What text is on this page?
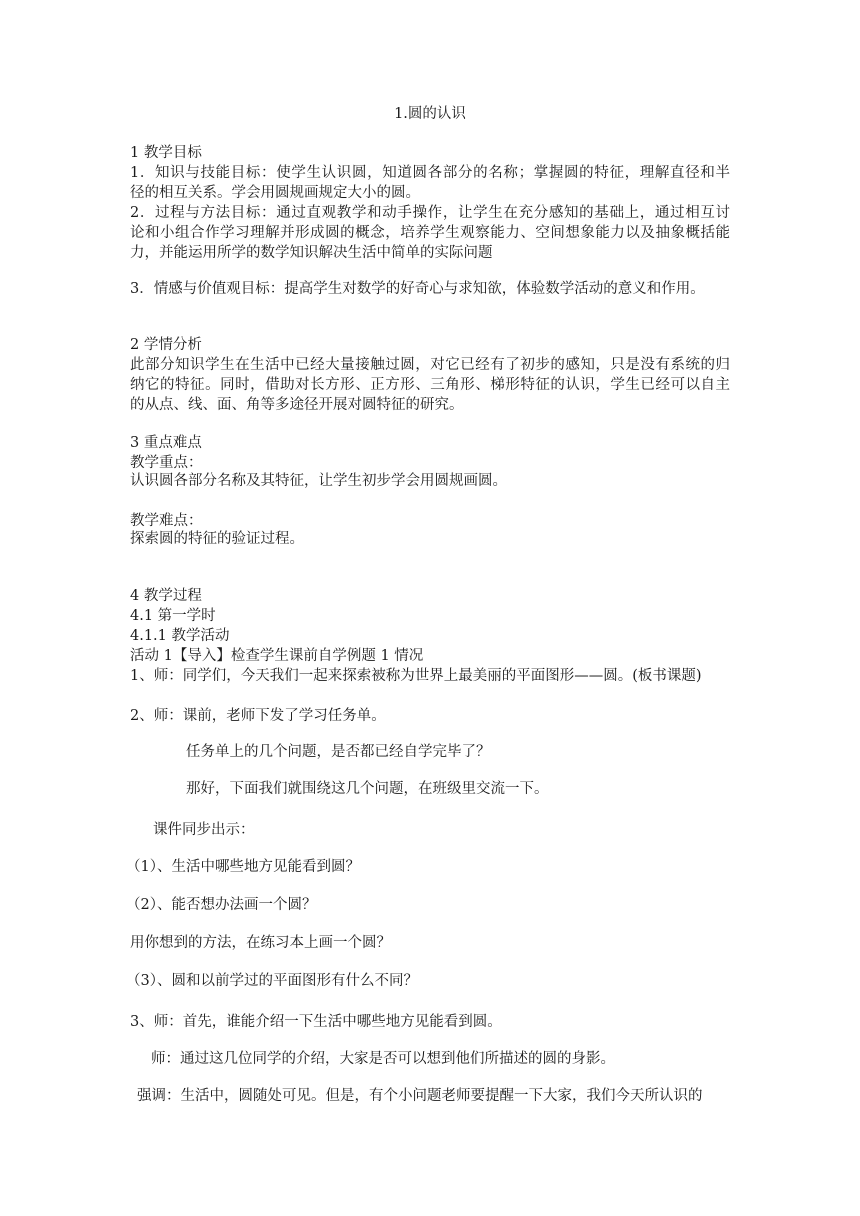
1.圆的认识
1 教学目标
1．知识与技能目标：使学生认识圆，知道圆各部分的名称；掌握圆的特征，理解直径和半
径的相互关系。学会用圆规画规定大小的圆。
2．过程与方法目标：通过直观教学和动手操作，让学生在充分感知的基础上，通过相互讨
论和小组合作学习理解并形成圆的概念，培养学生观察能力、空间想象能力以及抽象概括能
力，并能运用所学的数学知识解决生活中简单的实际问题
3．情感与价值观目标：提高学生对数学的好奇心与求知欲，体验数学活动的意义和作用。
2 学情分析
此部分知识学生在生活中已经大量接触过圆，对它已经有了初步的感知，只是没有系统的归
纳它的特征。同时，借助对长方形、正方形、三角形、梯形特征的认识，学生已经可以自主
的从点、线、面、角等多途径开展对圆特征的研究。
3 重点难点
教学重点：
认识圆各部分名称及其特征，让学生初步学会用圆规画圆。
教学难点：
探索圆的特征的验证过程。
4 教学过程
4.1 第一学时
4.1.1 教学活动
活动 1【导入】检查学生课前自学例题 1 情况
1、师：同学们，今天我们一起来探索被称为世界上最美丽的平面图形——圆。(板书课题)
2、师：课前，老师下发了学习任务单。
任务单上的几个问题，是否都已经自学完毕了？
那好，下面我们就围绕这几个问题，在班级里交流一下。
课件同步出示：
（1）、生活中哪些地方见能看到圆？
（2）、能否想办法画一个圆？
用你想到的方法，在练习本上画一个圆？
（3）、圆和以前学过的平面图形有什么不同？
3、师：首先，谁能介绍一下生活中哪些地方见能看到圆。
师：通过这几位同学的介绍，大家是否可以想到他们所描述的圆的身影。
强调：生活中，圆随处可见。但是，有个小问题老师要提醒一下大家，我们今天所认识的
